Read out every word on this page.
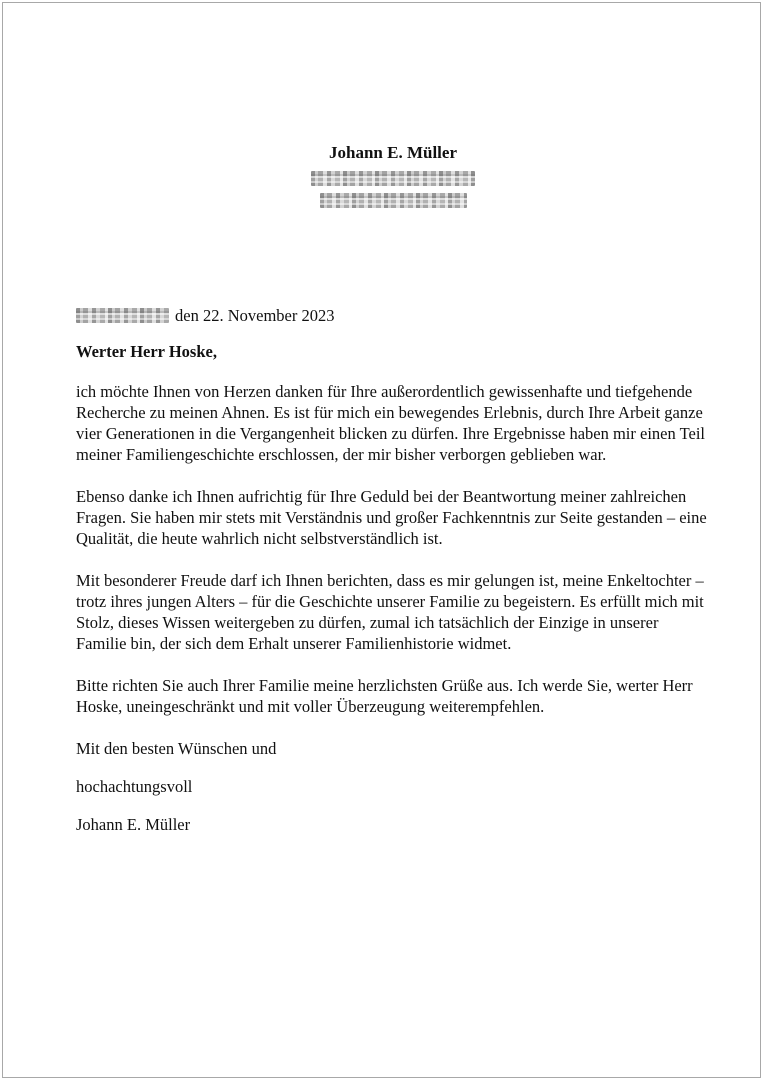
Johann E. Müller
den 22. November 2023
Werter Herr Hoske,

ich möchte Ihnen von Herzen danken für Ihre außerordentlich gewissenhafte und tiefgehende Recherche zu meinen Ahnen. Es ist für mich ein bewegendes Erlebnis, durch Ihre Arbeit ganze vier Generationen in die Vergangenheit blicken zu dürfen. Ihre Ergebnisse haben mir einen Teil meiner Familiengeschichte erschlossen, der mir bisher verborgen geblieben war.

Ebenso danke ich Ihnen aufrichtig für Ihre Geduld bei der Beantwortung meiner zahlreichen Fragen. Sie haben mir stets mit Verständnis und großer Fachkenntnis zur Seite gestanden – eine Qualität, die heute wahrlich nicht selbstverständlich ist.

Mit besonderer Freude darf ich Ihnen berichten, dass es mir gelungen ist, meine Enkeltochter – trotz ihres jungen Alters – für die Geschichte unserer Familie zu begeistern. Es erfüllt mich mit Stolz, dieses Wissen weitergeben zu dürfen, zumal ich tatsächlich der Einzige in unserer Familie bin, der sich dem Erhalt unserer Familienhistorie widmet.

Bitte richten Sie auch Ihrer Familie meine herzlichsten Grüße aus. Ich werde Sie, werter Herr Hoske, uneingeschränkt und mit voller Überzeugung weiterempfehlen.

Mit den besten Wünschen und
hochachtungsvoll
Johann E. Müller
